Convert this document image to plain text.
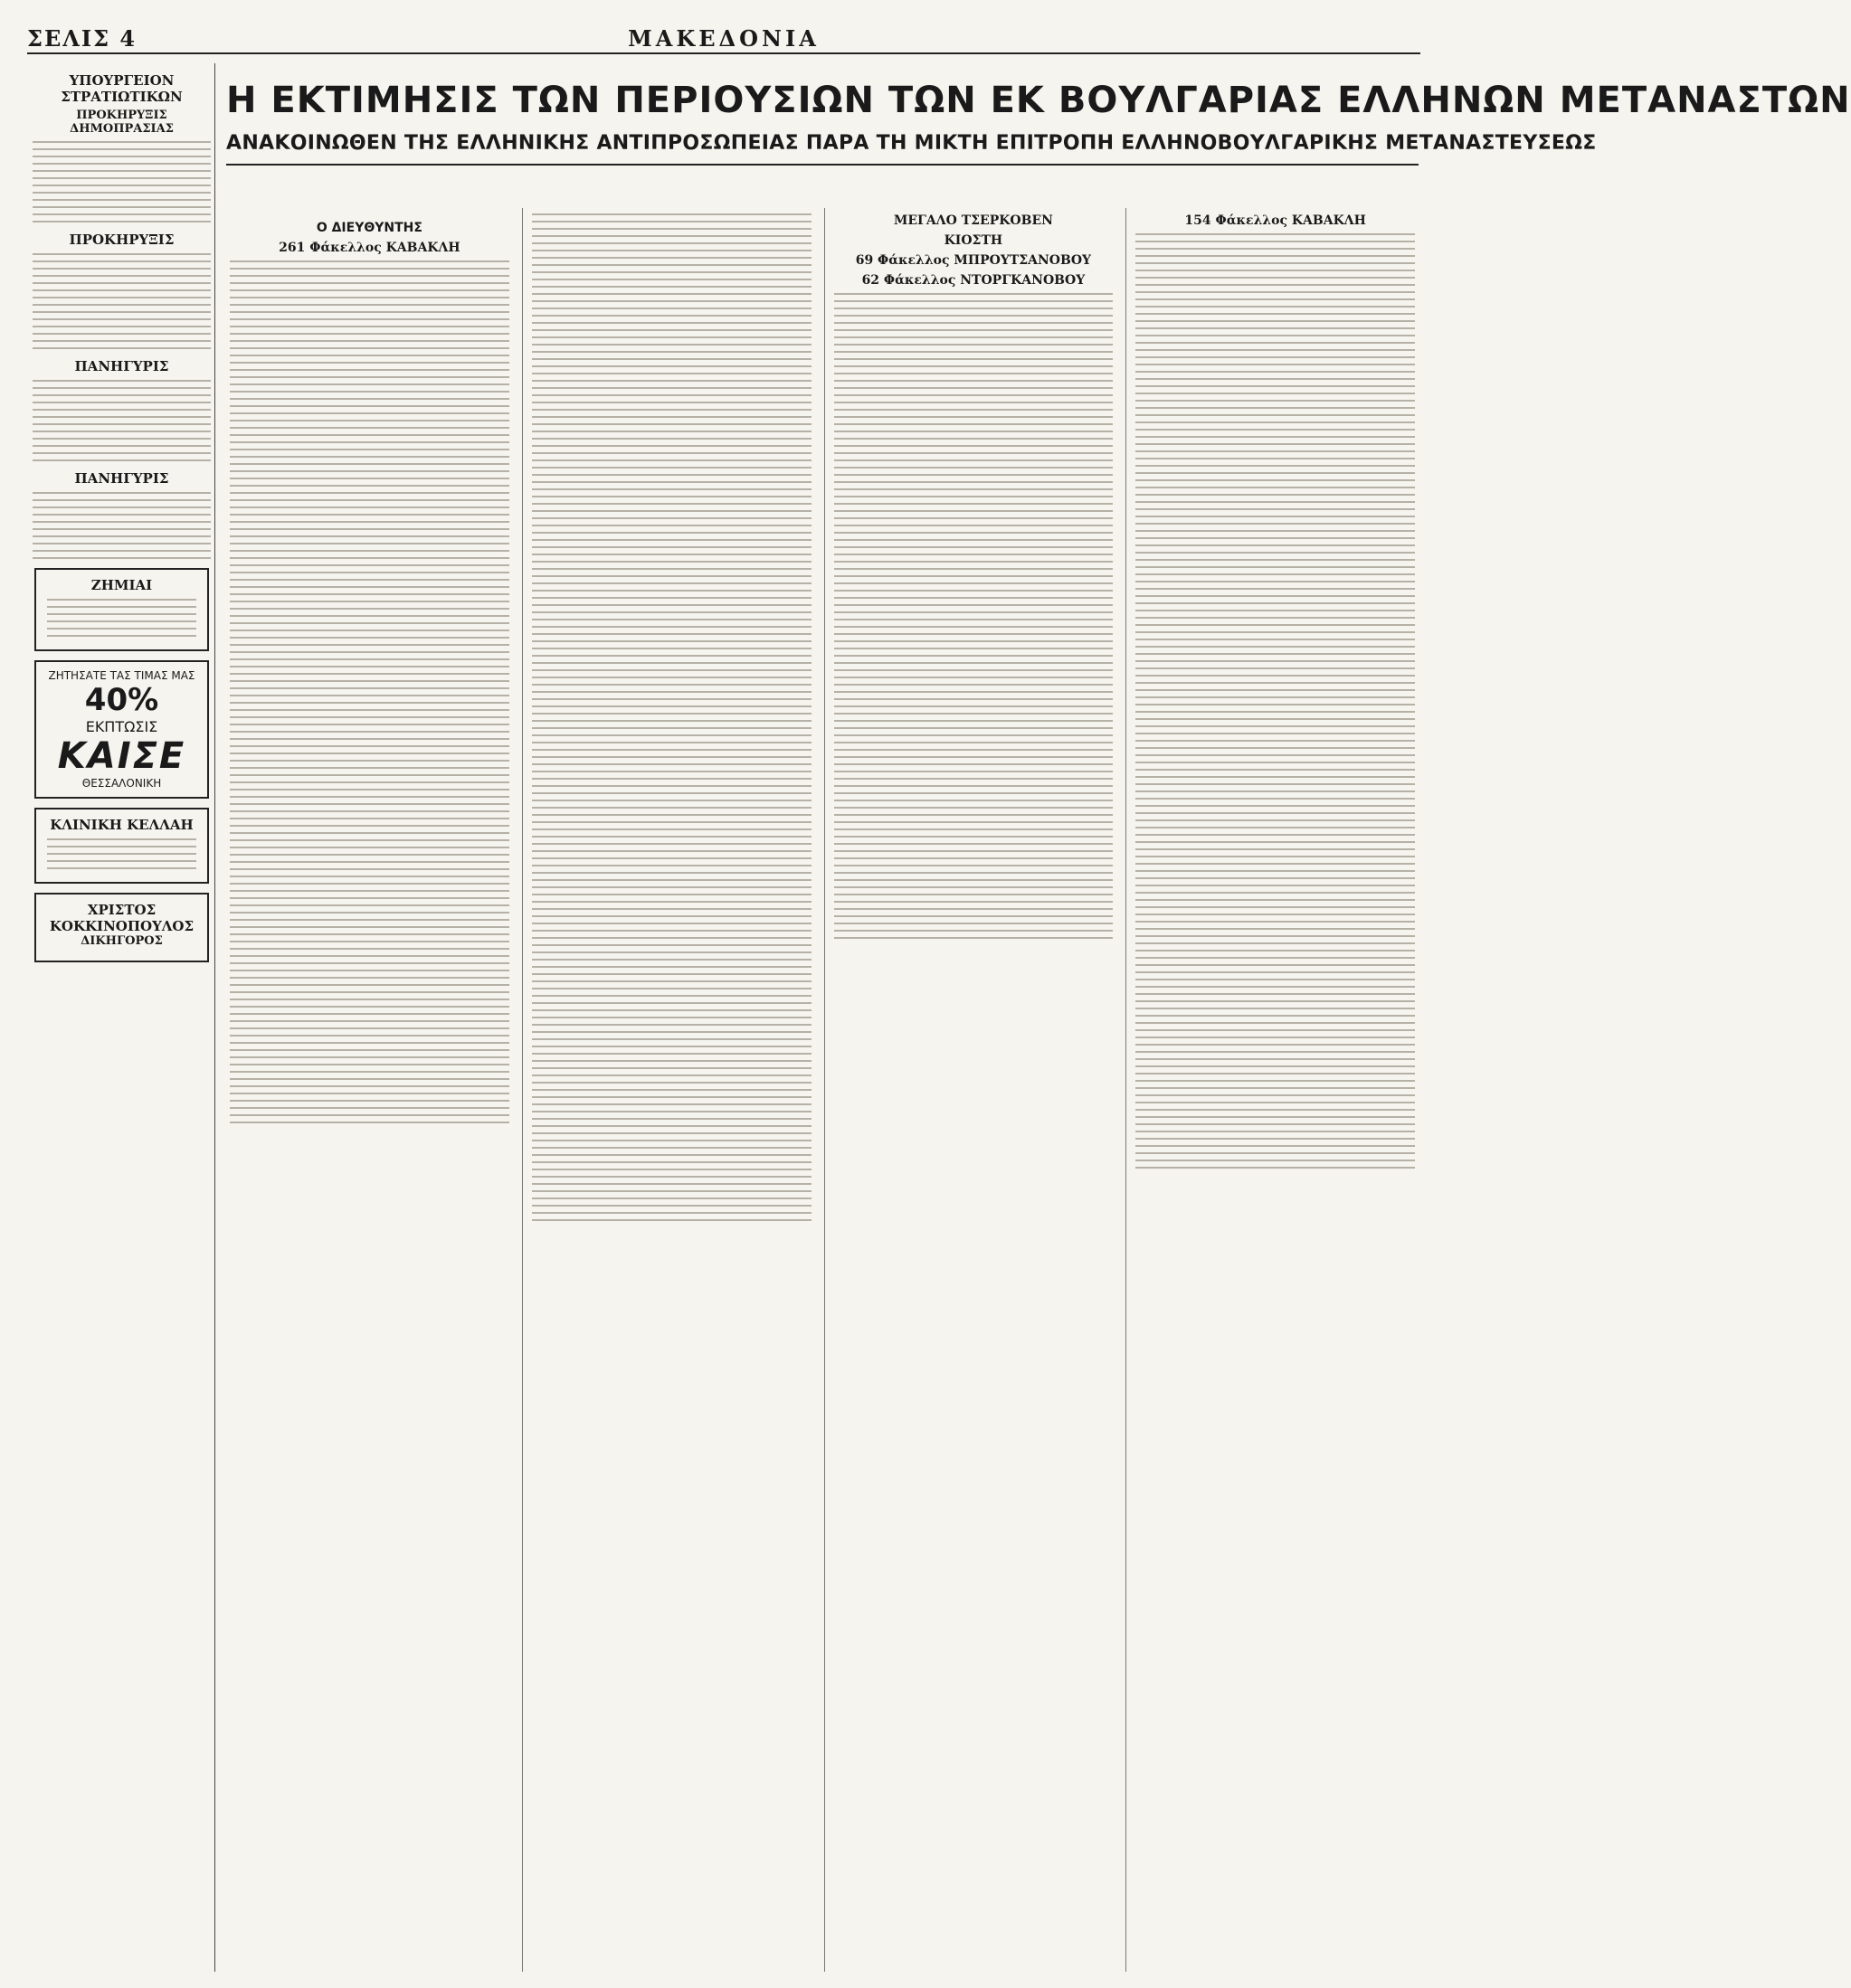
ΣΕΛΙΣ 4	ΜΑΚΕΔΟΝΙΑ
ΥΠΟΥΡΓΕΙΟΝ ΣΤΡΑΤΙΩΤΙΚΩΝ
ΠΡΟΚΗΡΥΞΙΣ ΔΗΜΟΠΡΑΣΙΑΣ
ΠΡΟΚΗΡΥΞΙΣ
ΠΑΝΗΓΥΡΙΣ
ΠΑΝΗΓΥΡΙΣ
ΖΗΜΙΑΙ
ΖΗΤΗΣΑΤΕ ΤΑΣ ΤΙΜΑΣ ΜΑΣ
40%
ΕΚΠΤΩΣΙΣ
ΚΑΙΣΕ
ΘΕΣΣΑΛΟΝΙΚΗ
ΚΛΙΝΙΚΗ ΚΕΛΛΑΗ
ΧΡΙΣΤΟΣ ΚΟΚΚΙΝΟΠΟΥΛΟΣ
ΔΙΚΗΓΟΡΟΣ
Η ΕΚΤΙΜΗΣΙΣ ΤΩΝ ΠΕΡΙΟΥΣΙΩΝ ΤΩΝ ΕΚ ΒΟΥΛΓΑΡΙΑΣ ΕΛΛΗΝΩΝ ΜΕΤΑΝΑΣΤΩΝ
ΑΝΑΚΟΙΝΩΘΕΝ ΤΗΣ ΕΛΛΗΝΙΚΗΣ ΑΝΤΙΠΡΟΣΩΠΕΙΑΣ ΠΑΡΑ ΤΗ ΜΙΚΤΗ ΕΠΙΤΡΟΠΗ ΕΛΛΗΝΟΒΟΥΛΓΑΡΙΚΗΣ ΜΕΤΑΝΑΣΤΕΥΣΕΩΣ
Ο ΔΙΕΥΘΥΝΤΗΣ
261 Φάκελλος ΚΑΒΑΚΛΗ
ΜΕΓΑΛΟ ΤΣΕΡΚΟΒΕΝ
ΚΙΟΣΤΗ
69 Φάκελλος ΜΠΡΟΥΤΣΑΝΟΒΟΥ
62 Φάκελλος ΝΤΟΡΓΚΑΝΟΒΟΥ
154 Φάκελλος ΚΑΒΑΚΛΗ
